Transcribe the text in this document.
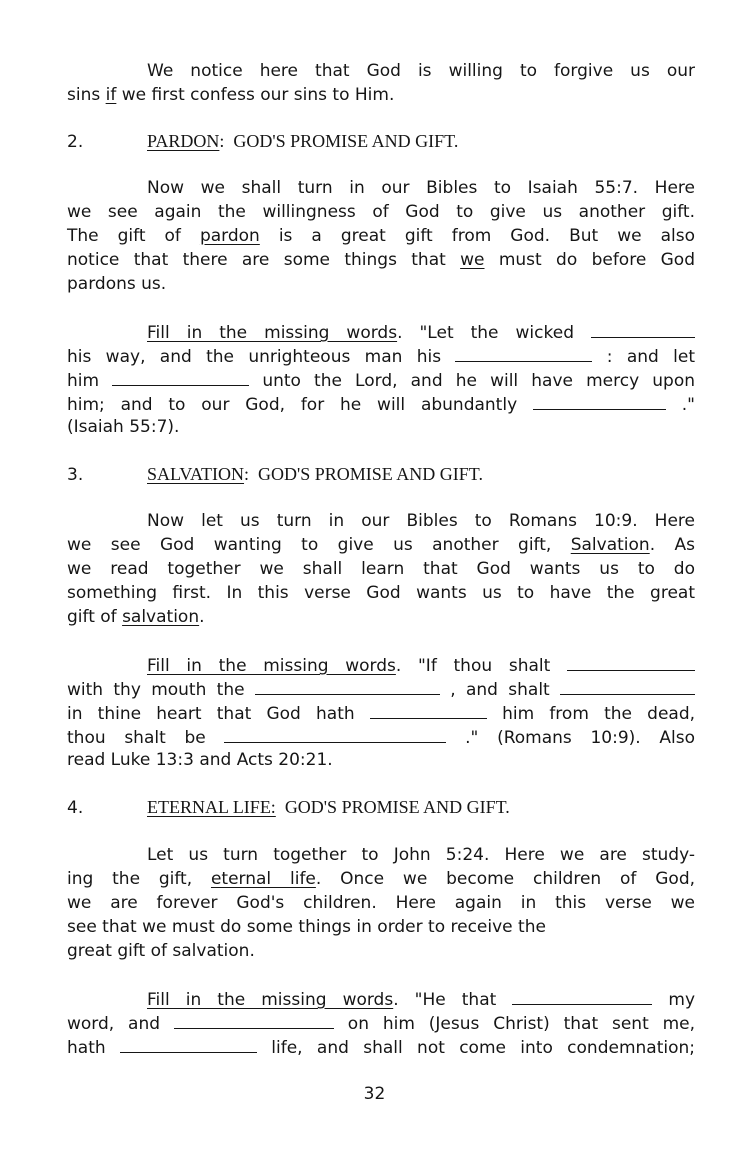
We notice here that God is willing to forgive us our
sins if we first confess our sins to Him.
2.	PARDON:  GOD'S PROMISE AND GIFT.
Now we shall turn in our Bibles to Isaiah 55:7. Here
we see again the willingness of God to give us another gift.
The gift of pardon is a great gift from God. But we also
notice that there are some things that we must do before God
pardons us.
Fill in the missing words. "Let the wicked
his way, and the unrighteous man his	: and let
him	unto the Lord, and he will have mercy upon
him; and to our God, for he will abundantly	."
(Isaiah 55:7).
3.	SALVATION:  GOD'S PROMISE AND GIFT.
Now let us turn in our Bibles to Romans 10:9. Here
we see God wanting to give us another gift, Salvation. As
we read together we shall learn that God wants us to do
something first. In this verse God wants us to have the great
gift of salvation.
Fill in the missing words. "If thou shalt
with thy mouth the	, and shalt
in thine heart that God hath	him from the dead,
thou shalt be	." (Romans 10:9). Also
read Luke 13:3 and Acts 20:21.
4.	ETERNAL LIFE:  GOD'S PROMISE AND GIFT.
Let us turn together to John 5:24. Here we are study-
ing the gift, eternal life. Once we become children of God,
we are forever God's children. Here again in this verse we
see that we must do some things in order to receive the
great gift of salvation.
Fill in the missing words. "He that	my
word, and	on him (Jesus Christ) that sent me,
hath	life, and shall not come into condemnation;
32
